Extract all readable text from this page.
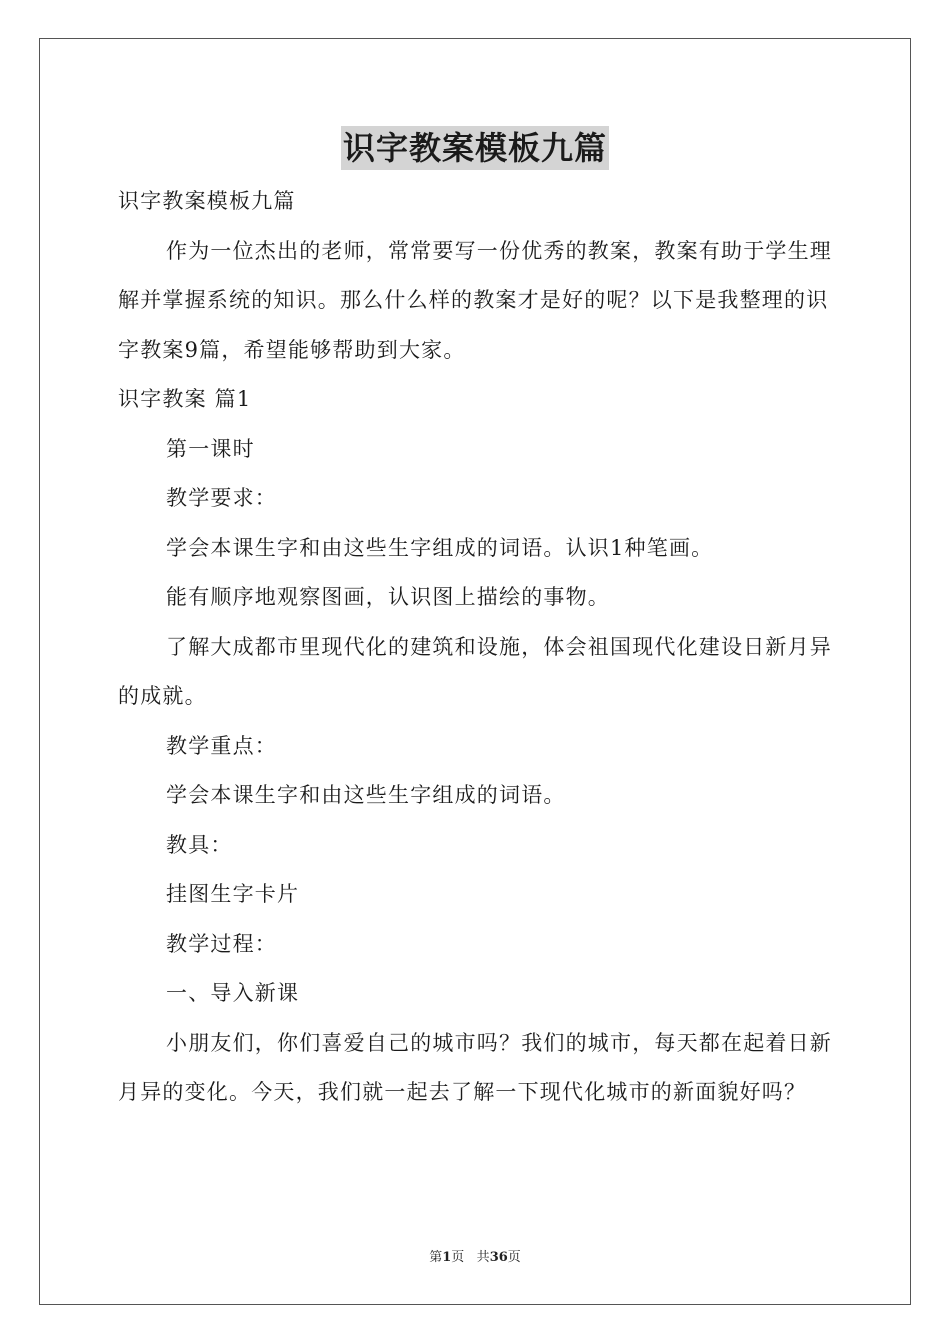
识字教案模板九篇

识字教案模板九篇

作为一位杰出的老师，常常要写一份优秀的教案，教案有助于学生理解并掌握系统的知识。那么什么样的教案才是好的呢？以下是我整理的识字教案9篇，希望能够帮助到大家。

识字教案 篇1

第一课时

教学要求：

学会本课生字和由这些生字组成的词语。认识1种笔画。

能有顺序地观察图画，认识图上描绘的事物。

了解大成都市里现代化的建筑和设施，体会祖国现代化建设日新月异的成就。

教学重点：

学会本课生字和由这些生字组成的词语。

教具：

挂图生字卡片

教学过程：

一、导入新课

小朋友们，你们喜爱自己的城市吗？我们的城市，每天都在起着日新月异的变化。今天，我们就一起去了解一下现代化城市的新面貌好吗？

第1页 共36页
